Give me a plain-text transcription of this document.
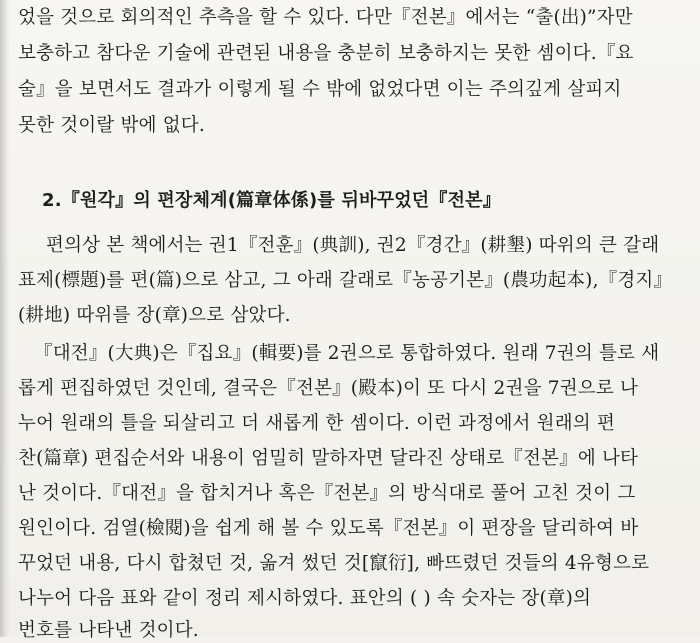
었을 것으로 회의적인 추측을 할 수 있다. 다만『전본』에서는 “출(出)”자만
보충하고 참다운 기술에 관련된 내용을 충분히 보충하지는 못한 셈이다.『요
술』을 보면서도 결과가 이렇게 될 수 밖에 없었다면 이는 주의깊게 살피지
못한 것이랄 밖에 없다.
2.『원각』의 편장체계(篇章体係)를 뒤바꾸었던『전본』
편의상 본 책에서는 권1『전훈』(典訓), 권2『경간』(耕墾) 따위의 큰 갈래
표제(標題)를 편(篇)으로 삼고, 그 아래 갈래로『농공기본』(農功起本),『경지』
(耕地) 따위를 장(章)으로 삼았다.
『대전』(大典)은『집요』(輯要)를 2권으로 통합하였다. 원래 7권의 틀로 새
롭게 편집하였던 것인데, 결국은『전본』(殿本)이 또 다시 2권을 7권으로 나
누어 원래의 틀을 되살리고 더 새롭게 한 셈이다. 이런 과정에서 원래의 편
찬(篇章) 편집순서와 내용이 엄밀히 말하자면 달라진 상태로『전본』에 나타
난 것이다.『대전』을 합치거나 혹은『전본』의 방식대로 풀어 고친 것이 그
원인이다. 검열(檢閱)을 쉽게 해 볼 수 있도록『전본』이 편장을 달리하여 바
꾸었던 내용, 다시 합쳤던 것, 옮겨 썼던 것[竄衍], 빠뜨렸던 것들의 4유형으로
나누어 다음 표와 같이 정리 제시하였다. 표안의 ( ) 속 숫자는 장(章)의
번호를 나타낸 것이다.
